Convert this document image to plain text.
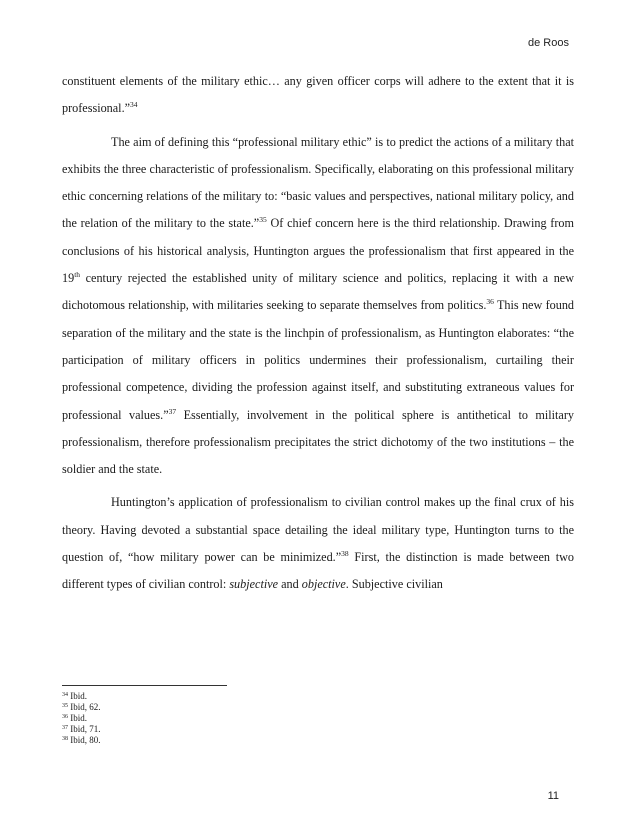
de Roos

constituent elements of the military ethic… any given officer corps will adhere to the extent that it is professional.”$^{34}$

The aim of defining this “professional military ethic” is to predict the actions of a military that exhibits the three characteristic of professionalism. Specifically, elaborating on this professional military ethic concerning relations of the military to: “basic values and perspectives, national military policy, and the relation of the military to the state.”$^{35}$ Of chief concern here is the third relationship. Drawing from conclusions of his historical analysis, Huntington argues the professionalism that first appeared in the 19th century rejected the established unity of military science and politics, replacing it with a new dichotomous relationship, with militaries seeking to separate themselves from politics.$^{36}$ This new found separation of the military and the state is the linchpin of professionalism, as Huntington elaborates: “the participation of military officers in politics undermines their professionalism, curtailing their professional competence, dividing the profession against itself, and substituting extraneous values for professional values.”$^{37}$ Essentially, involvement in the political sphere is antithetical to military professionalism, therefore professionalism precipitates the strict dichotomy of the two institutions – the soldier and the state.

Huntington’s application of professionalism to civilian control makes up the final crux of his theory. Having devoted a substantial space detailing the ideal military type, Huntington turns to the question of, “how military power can be minimized.”$^{38}$ First, the distinction is made between two different types of civilian control: subjective and objective. Subjective civilian

$^{34}$ Ibid.
$^{35}$ Ibid, 62.
$^{36}$ Ibid.
$^{37}$ Ibid, 71.
$^{38}$ Ibid, 80.
11
